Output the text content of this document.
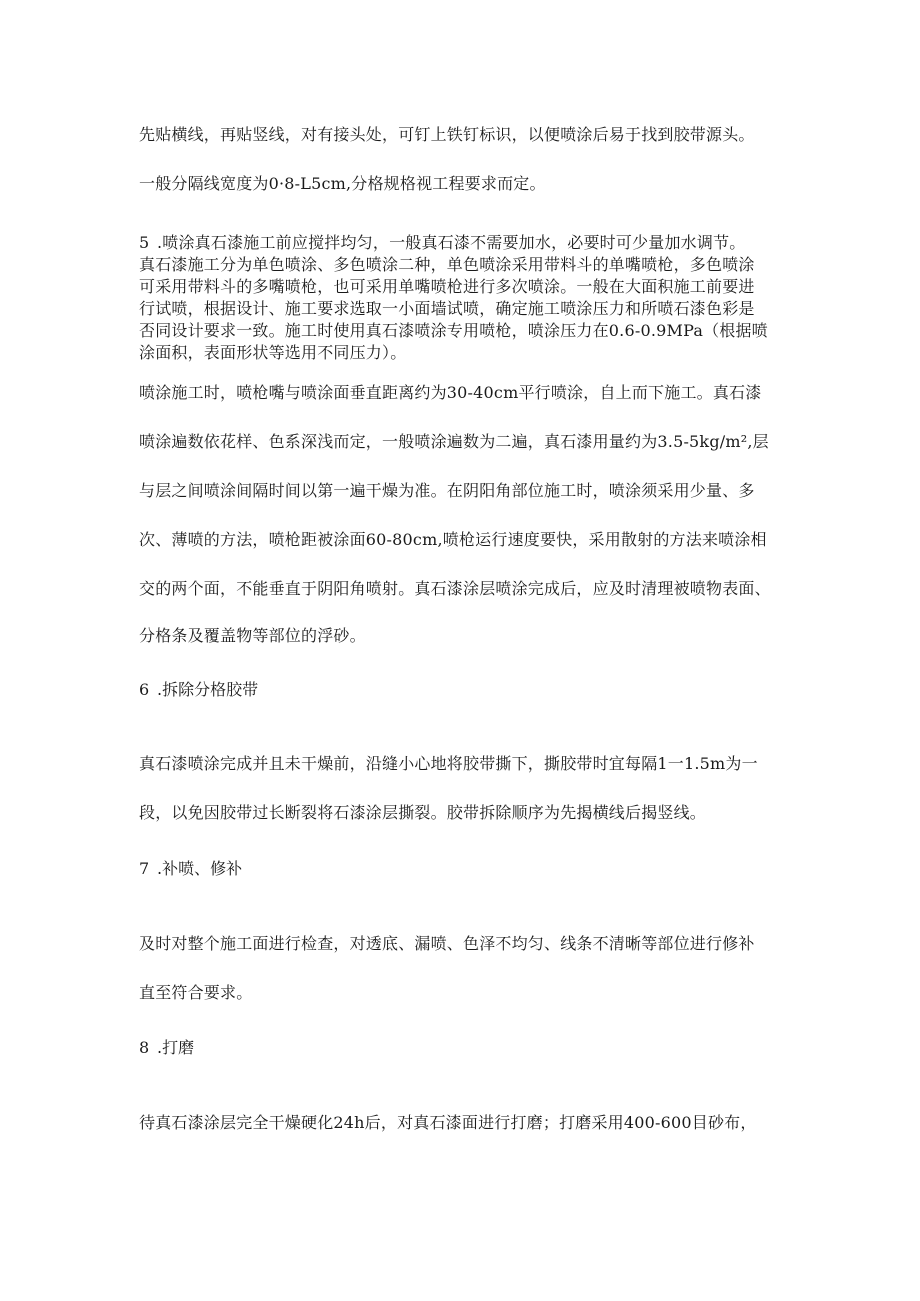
先贴横线，再贴竖线，对有接头处，可钉上铁钉标识，以便喷涂后易于找到胶带源头。
一般分隔线宽度为0·8-L5cm,分格规格视工程要求而定。

5 .喷涂真石漆施工前应搅拌均匀，一般真石漆不需要加水，必要时可少量加水调节。

真石漆施工分为单色喷涂、多色喷涂二种，单色喷涂采用带料斗的单嘴喷枪，多色喷涂

可采用带料斗的多嘴喷枪，也可采用单嘴喷枪进行多次喷涂。一般在大面积施工前要进

行试喷，根据设计、施工要求选取一小面墙试喷，确定施工喷涂压力和所喷石漆色彩是

否同设计要求一致。施工时使用真石漆喷涂专用喷枪，喷涂压力在0.6-0.9MPa（根据喷

涂面积，表面形状等选用不同压力）。

喷涂施工时，喷枪嘴与喷涂面垂直距离约为30-40cm平行喷涂，自上而下施工。真石漆
喷涂遍数依花样、色系深浅而定，一般喷涂遍数为二遍，真石漆用量约为3.5-5kg∕m²,层
与层之间喷涂间隔时间以第一遍干燥为准。在阴阳角部位施工时，喷涂须采用少量、多
次、薄喷的方法，喷枪距被涂面60-80cm,喷枪运行速度要快，采用散射的方法来喷涂相
交的两个面，不能垂直于阴阳角喷射。真石漆涂层喷涂完成后，应及时清理被喷物表面、
分格条及覆盖物等部位的浮砂。
6 .拆除分格胶带
真石漆喷涂完成并且未干燥前，沿缝小心地将胶带撕下，撕胶带时宜每隔1一1.5m为一
段，以免因胶带过长断裂将石漆涂层撕裂。胶带拆除顺序为先揭横线后揭竖线。
7 .补喷、修补
及时对整个施工面进行检查，对透底、漏喷、色泽不均匀、线条不清晰等部位进行修补
直至符合要求。
8 .打磨
待真石漆涂层完全干燥硬化24h后，对真石漆面进行打磨；打磨采用400-600目砂布，
